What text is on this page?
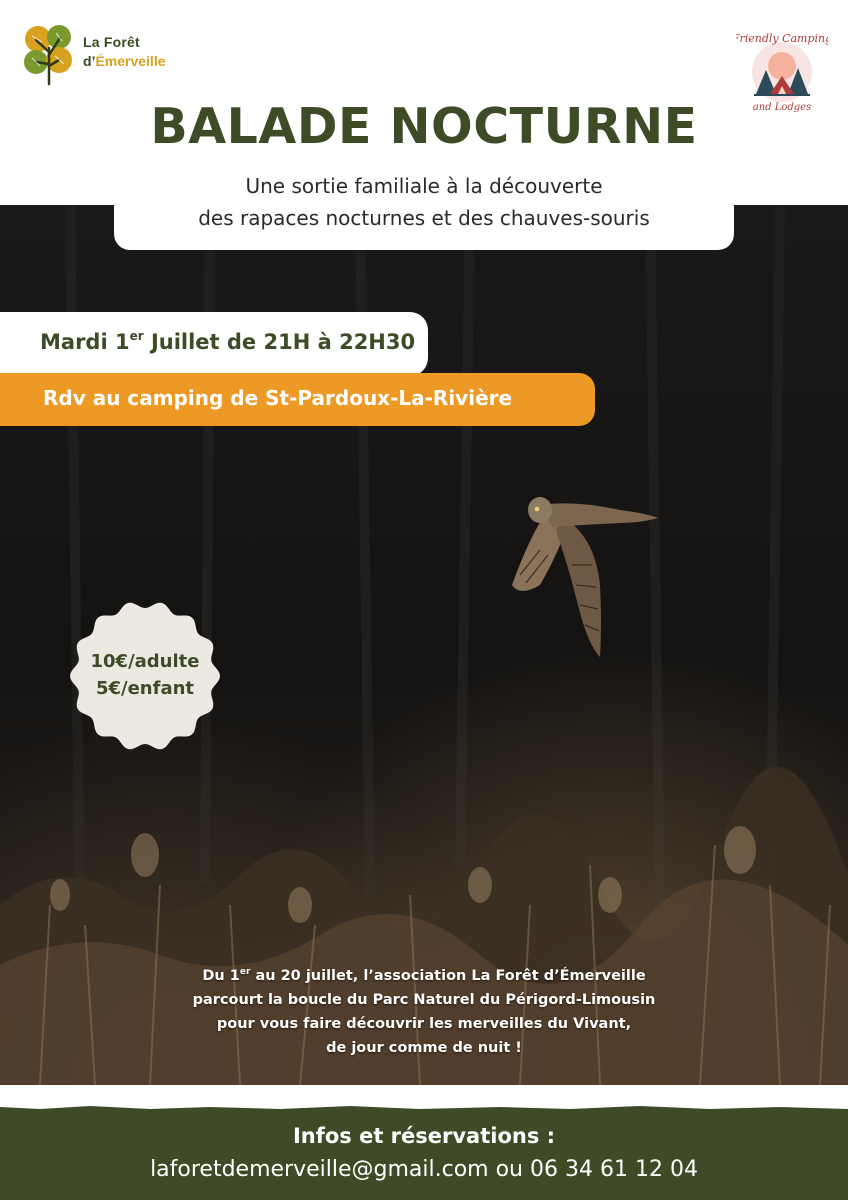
La Forêt
d’Émerveille
Friendly Camping
and Lodges
BALADE NOCTURNE
Une sortie familiale à la découverte
des rapaces nocturnes et des chauves-souris
Mardi 1er Juillet de 21H à 22H30
Rdv au camping de St-Pardoux-La-Rivière
10€/adulte
5€/enfant
Du 1er au 20 juillet, l’association La Forêt d’Émerveille
parcourt la boucle du Parc Naturel du Périgord-Limousin
pour vous faire découvrir les merveilles du Vivant,
de jour comme de nuit !
Infos et réservations :
laforetdemerveille@gmail.com ou 06 34 61 12 04
